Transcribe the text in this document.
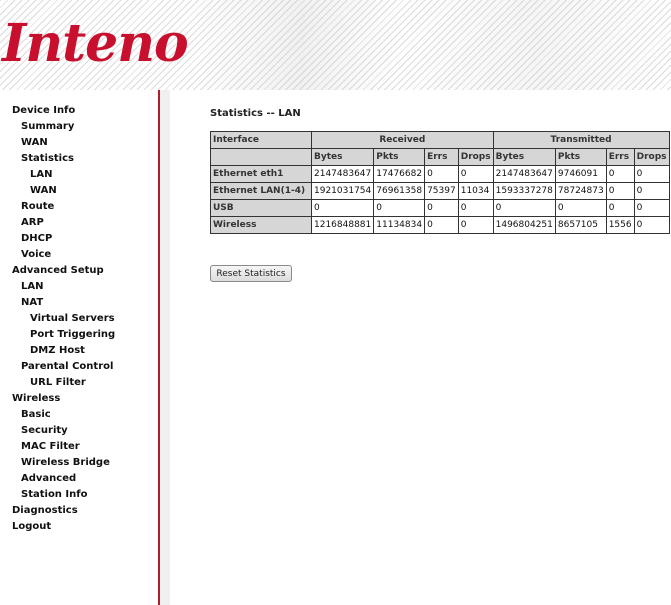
Inteno
Device Info
Summary
WAN
Statistics
LAN
WAN
Route
ARP
DHCP
Voice
Advanced Setup
LAN
NAT
Virtual Servers
Port Triggering
DMZ Host
Parental Control
URL Filter
Wireless
Basic
Security
MAC Filter
Wireless Bridge
Advanced
Station Info
Diagnostics
Logout

Statistics -- LAN

Interface	Received				Transmitted			
	Bytes	Pkts	Errs	Drops	Bytes	Pkts	Errs	Drops
Ethernet eth1	2147483647	17476682	0	0	2147483647	9746091	0	0
Ethernet LAN(1-4)	1921031754	76961358	75397	11034	1593337278	78724873	0	0
USB	0	0	0	0	0	0	0	0
Wireless	1216848881	11134834	0	0	1496804251	8657105	1556	0
Reset Statistics
